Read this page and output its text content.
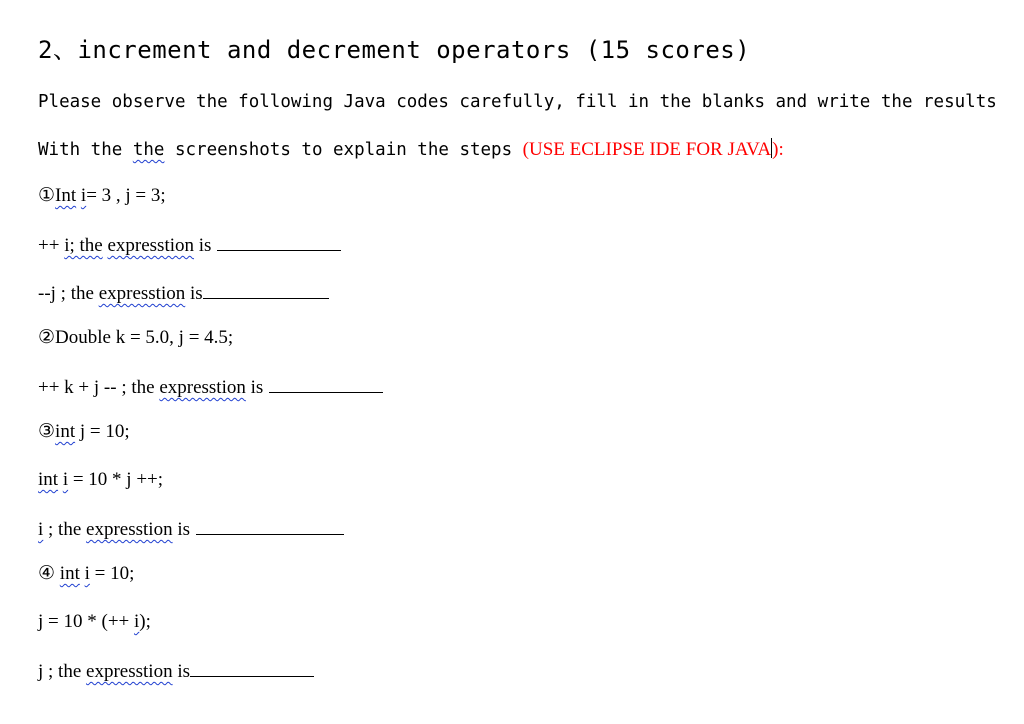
2、increment and decrement operators (15 scores)
Please observe the following Java codes carefully, fill in the blanks and write the results
With the the screenshots to explain the steps (USE ECLIPSE IDE FOR JAVA):
①Int i= 3 , j = 3;
++ i; the expresstion is
--j ; the expresstion is
②Double k = 5.0, j = 4.5;
++ k + j -- ; the expresstion is
③int j = 10;
int i = 10 * j ++;
i ; the expresstion is
④ int i = 10;
j = 10 * (++ i);
j ; the expresstion is
